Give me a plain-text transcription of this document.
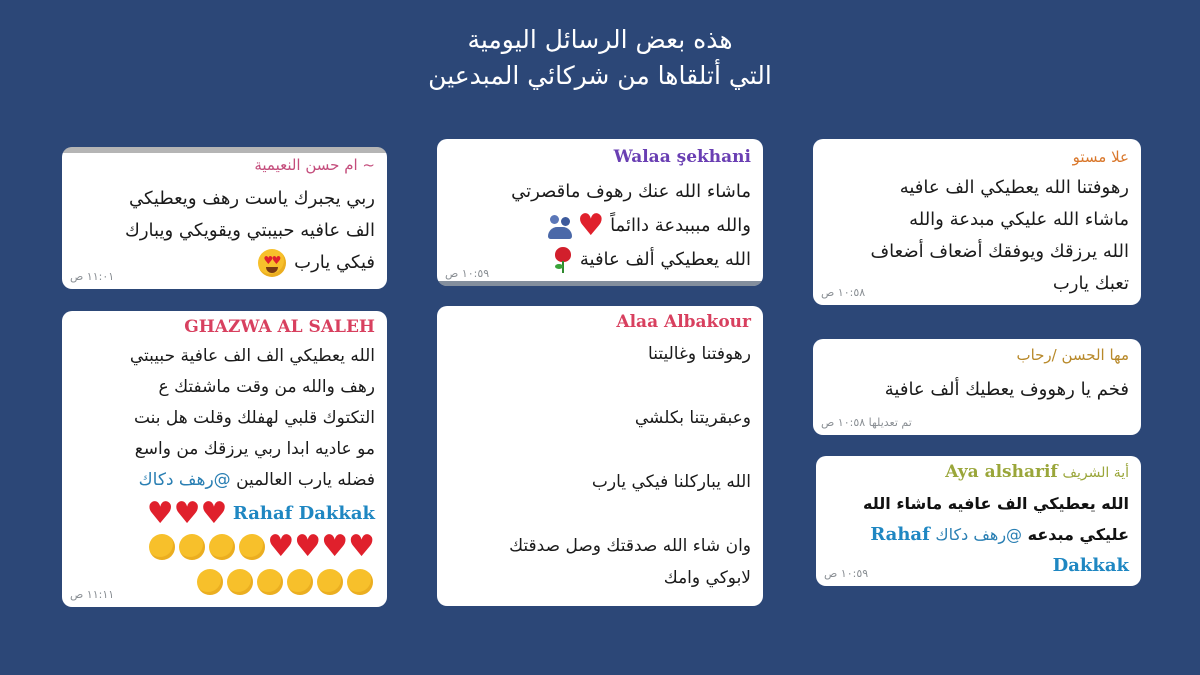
هذه بعض الرسائل اليومية
التي أتلقاها من شركائي المبدعين
~ ام حسن النعيمية

ربي يجبرك ياست رهف ويعطيكي

الف عافيه حبيبتي ويقويكي ويبارك

فيكي يارب
♥
♥

١١:٠١ ص
Walaa şekhani

ماشاء الله عنك رهوف ماقصرتي

والله مبببدعة داائماً ♥

الله يعطيكي ألف عافية

١٠:٥٩ ص
علا مستو

رهوفتنا الله يعطيكي الف عافيه

ماشاء الله عليكي مبدعة والله

الله يرزقك ويوفقك أضعاف أضعاف

تعبك يارب

١٠:٥٨ ص
GHAZWA AL SALEH

الله يعطيكي الف الف عافية حبيبتي

رهف والله من وقت ماشفتك ع

التكتوك قلبي لهفلك وقلت هل بنت

مو عاديه ابدا ربي يرزقك من واسع

فضله يارب العالمين @رهف دكاك

Rahaf Dakkak ♥♥♥

♥♥♥♥

١١:١١ ص
Alaa Albakour

رهوفتنا وغاليتنا

وعبقريتنا بكلشي

الله يباركلنا فيكي يارب

وان شاء الله صدقتك وصل صدقتك

لابوكي وامك

مها الحسن /رحاب

فخم يا رهووف يعطيك ألف عافية

تم تعديلها ١٠:٥٨ ص
أية الشريف Aya alsharif

الله يعطيكي الف عافيه ماشاء الله

عليكي مبدعه @رهف دكاك Rahaf

Dakkak

١٠:٥٩ ص
